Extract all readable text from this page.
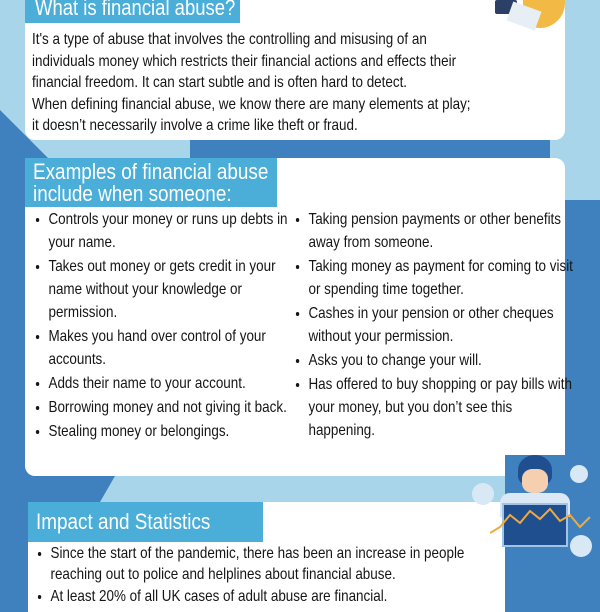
What is financial abuse?
It's a type of abuse that involves the controlling and misusing of an
individuals money which restricts their financial actions and effects their
financial freedom. It can start subtle and is often hard to detect.
When defining financial abuse, we know there are many elements at play;
it doesn’t necessarily involve a crime like theft or fraud.
Examples of financial abuse
include when someone:
• Controls your money or runs up debts in your name.
• Takes out money or gets credit in your name without your knowledge or permission.
• Makes you hand over control of your accounts.
• Adds their name to your account.
• Borrowing money and not giving it back.
• Stealing money or belongings.
• Taking pension payments or other benefits away from someone.
• Taking money as payment for coming to visit or spending time together.
• Cashes in your pension or other cheques without your permission.
• Asks you to change your will.
• Has offered to buy shopping or pay bills with your money, but you don’t see this happening.
Impact and Statistics
• Since the start of the pandemic, there has been an increase in people reaching out to police and helplines about financial abuse.
• At least 20% of all UK cases of adult abuse are financial.
